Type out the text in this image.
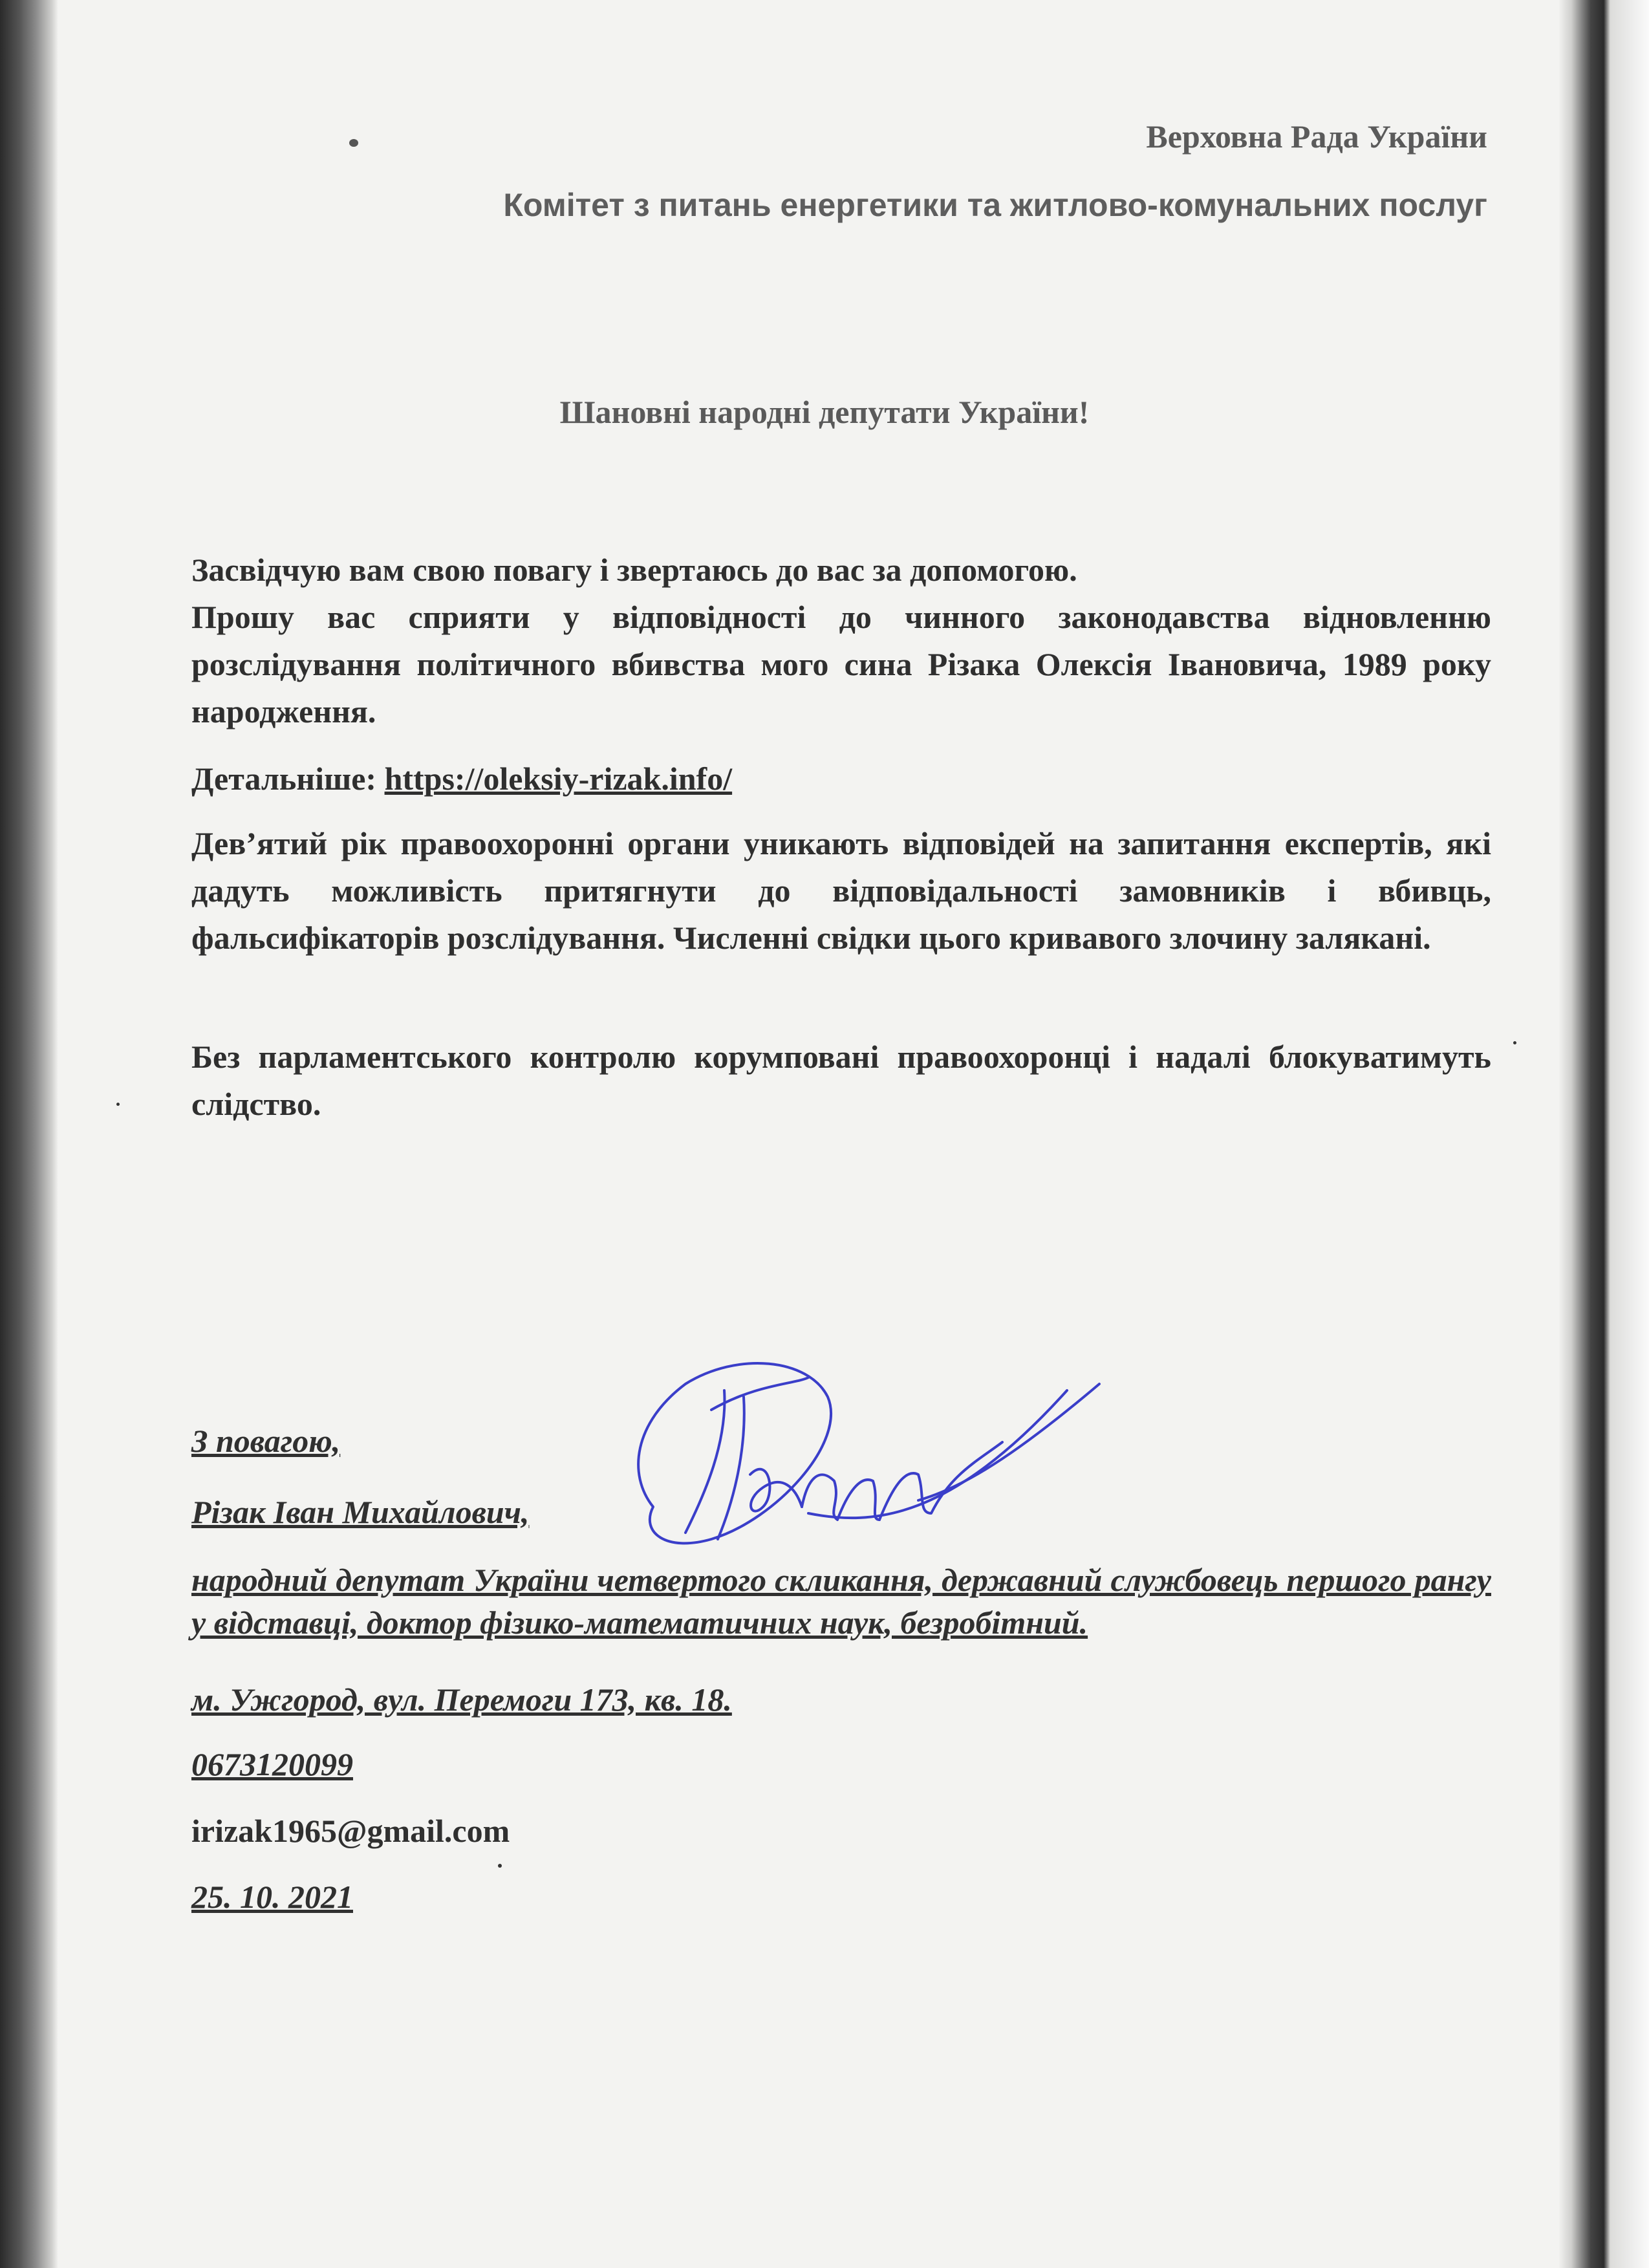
Верховна Рада України
Комітет з питань енергетики та житлово-комунальних послуг
Шановні народні депутати України!
Засвідчую вам свою повагу і звертаюсь до вас за допомогою.
Прошу вас сприяти у відповідності до чинного законодавства відновленню розслідування політичного вбивства мого сина Різака Олексія Івановича, 1989 року народження.
Детальніше: https://oleksiy-rizak.info/
Дев’ятий рік правоохоронні органи уникають відповідей на запитання експертів, які дадуть можливість притягнути до відповідальності замовників і вбивць, фальсифікаторів розслідування. Численні свідки цього кривавого злочину залякані.
Без парламентського контролю корумповані правоохоронці і надалі блокуватимуть слідство.
З повагою,
Різак Іван Михайлович,
народний депутат України четвертого скликання, державний службовець першого рангу у відставці, доктор фізико-математичних наук, безробітний.
м. Ужгород, вул. Перемоги 173, кв. 18.
0673120099
irizak1965@gmail.com
25. 10. 2021
